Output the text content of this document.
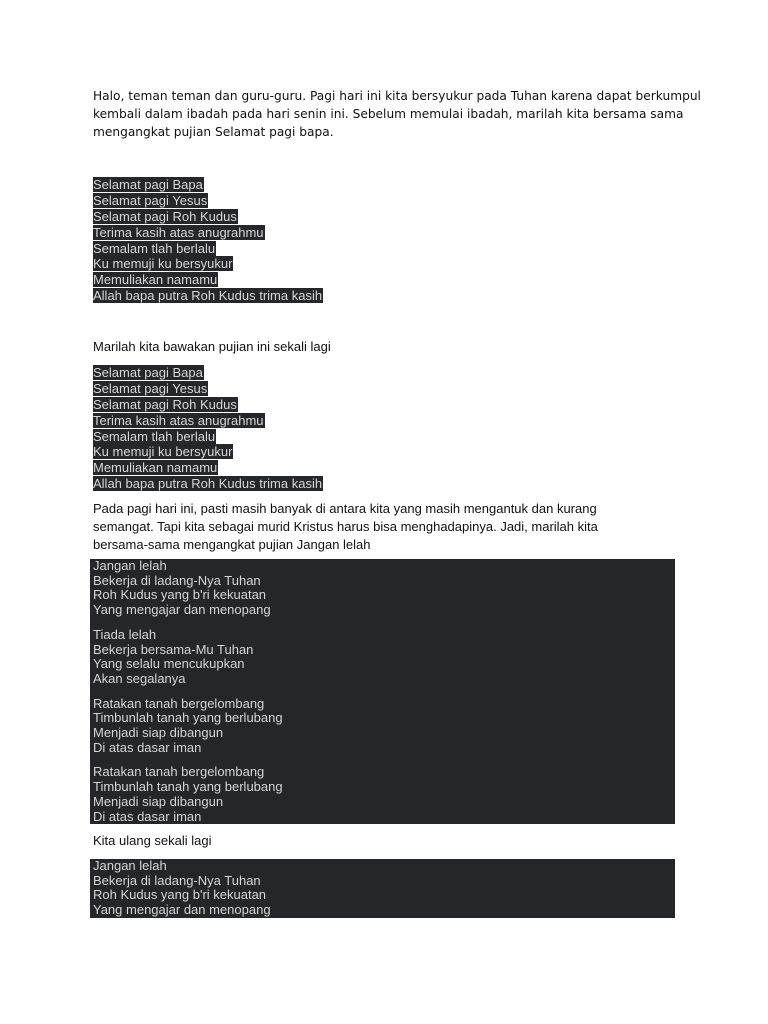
Halo, teman teman dan guru-guru. Pagi hari ini kita bersyukur pada Tuhan karena dapat berkumpul
kembali dalam ibadah pada hari senin ini. Sebelum memulai ibadah, marilah kita bersama sama
mengangkat pujian Selamat pagi bapa.
Selamat pagi Bapa
Selamat pagi Yesus
Selamat pagi Roh Kudus
Terima kasih atas anugrahmu
Semalam tlah berlalu
Ku memuji ku bersyukur
Memuliakan namamu
Allah bapa putra Roh Kudus trima kasih
Marilah kita bawakan pujian ini sekali lagi
Selamat pagi Bapa
Selamat pagi Yesus
Selamat pagi Roh Kudus
Terima kasih atas anugrahmu
Semalam tlah berlalu
Ku memuji ku bersyukur
Memuliakan namamu
Allah bapa putra Roh Kudus trima kasih
Pada pagi hari ini, pasti masih banyak di antara kita yang masih mengantuk dan kurang
semangat. Tapi kita sebagai murid Kristus harus bisa menghadapinya. Jadi, marilah kita
bersama-sama mengangkat pujian Jangan lelah
Jangan lelah
Bekerja di ladang-Nya Tuhan
Roh Kudus yang b'ri kekuatan
Yang mengajar dan menopang
Tiada lelah
Bekerja bersama-Mu Tuhan
Yang selalu mencukupkan
Akan segalanya
Ratakan tanah bergelombang
Timbunlah tanah yang berlubang
Menjadi siap dibangun
Di atas dasar iman
Ratakan tanah bergelombang
Timbunlah tanah yang berlubang
Menjadi siap dibangun
Di atas dasar iman
Kita ulang sekali lagi
Jangan lelah
Bekerja di ladang-Nya Tuhan
Roh Kudus yang b'ri kekuatan
Yang mengajar dan menopang
